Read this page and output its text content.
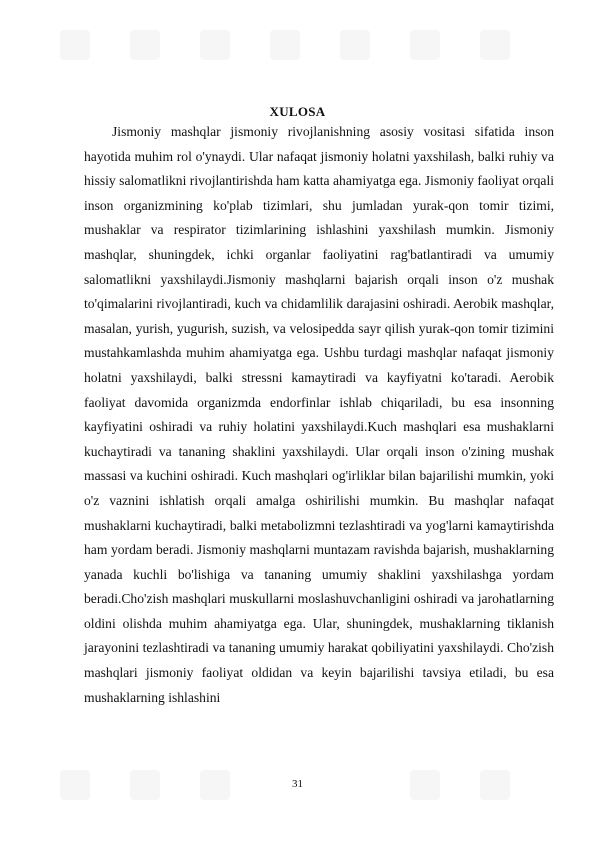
XULOSA

Jismoniy mashqlar jismoniy rivojlanishning asosiy vositasi sifatida inson hayotida muhim rol o'ynaydi. Ular nafaqat jismoniy holatni yaxshilash, balki ruhiy va hissiy salomatlikni rivojlantirishda ham katta ahamiyatga ega. Jismoniy faoliyat orqali inson organizmining ko'plab tizimlari, shu jumladan yurak-qon tomir tizimi, mushaklar va respirator tizimlarining ishlashini yaxshilash mumkin. Jismoniy mashqlar, shuningdek, ichki organlar faoliyatini rag'batlantiradi va umumiy salomatlikni yaxshilaydi.Jismoniy mashqlarni bajarish orqali inson o'z mushak to'qimalarini rivojlantiradi, kuch va chidamlilik darajasini oshiradi. Aerobik mashqlar, masalan, yurish, yugurish, suzish, va velosipedda sayr qilish yurak-qon tomir tizimini mustahkamlashda muhim ahamiyatga ega. Ushbu turdagi mashqlar nafaqat jismoniy holatni yaxshilaydi, balki stressni kamaytiradi va kayfiyatni ko'taradi. Aerobik faoliyat davomida organizmda endorfinlar ishlab chiqariladi, bu esa insonning kayfiyatini oshiradi va ruhiy holatini yaxshilaydi.Kuch mashqlari esa mushaklarni kuchaytiradi va tananing shaklini yaxshilaydi. Ular orqali inson o'zining mushak massasi va kuchini oshiradi. Kuch mashqlari og'irliklar bilan bajarilishi mumkin, yoki o'z vaznini ishlatish orqali amalga oshirilishi mumkin. Bu mashqlar nafaqat mushaklarni kuchaytiradi, balki metabolizmni tezlashtiradi va yog'larni kamaytirishda ham yordam beradi. Jismoniy mashqlarni muntazam ravishda bajarish, mushaklarning yanada kuchli bo'lishiga va tananing umumiy shaklini yaxshilashga yordam beradi.Cho'zish mashqlari muskullarni moslashuvchanligini oshiradi va jarohatlarning oldini olishda muhim ahamiyatga ega. Ular, shuningdek, mushaklarning tiklanish jarayonini tezlashtiradi va tananing umumiy harakat qobiliyatini yaxshilaydi. Cho'zish mashqlari jismoniy faoliyat oldidan va keyin bajarilishi tavsiya etiladi, bu esa mushaklarning ishlashini

31
